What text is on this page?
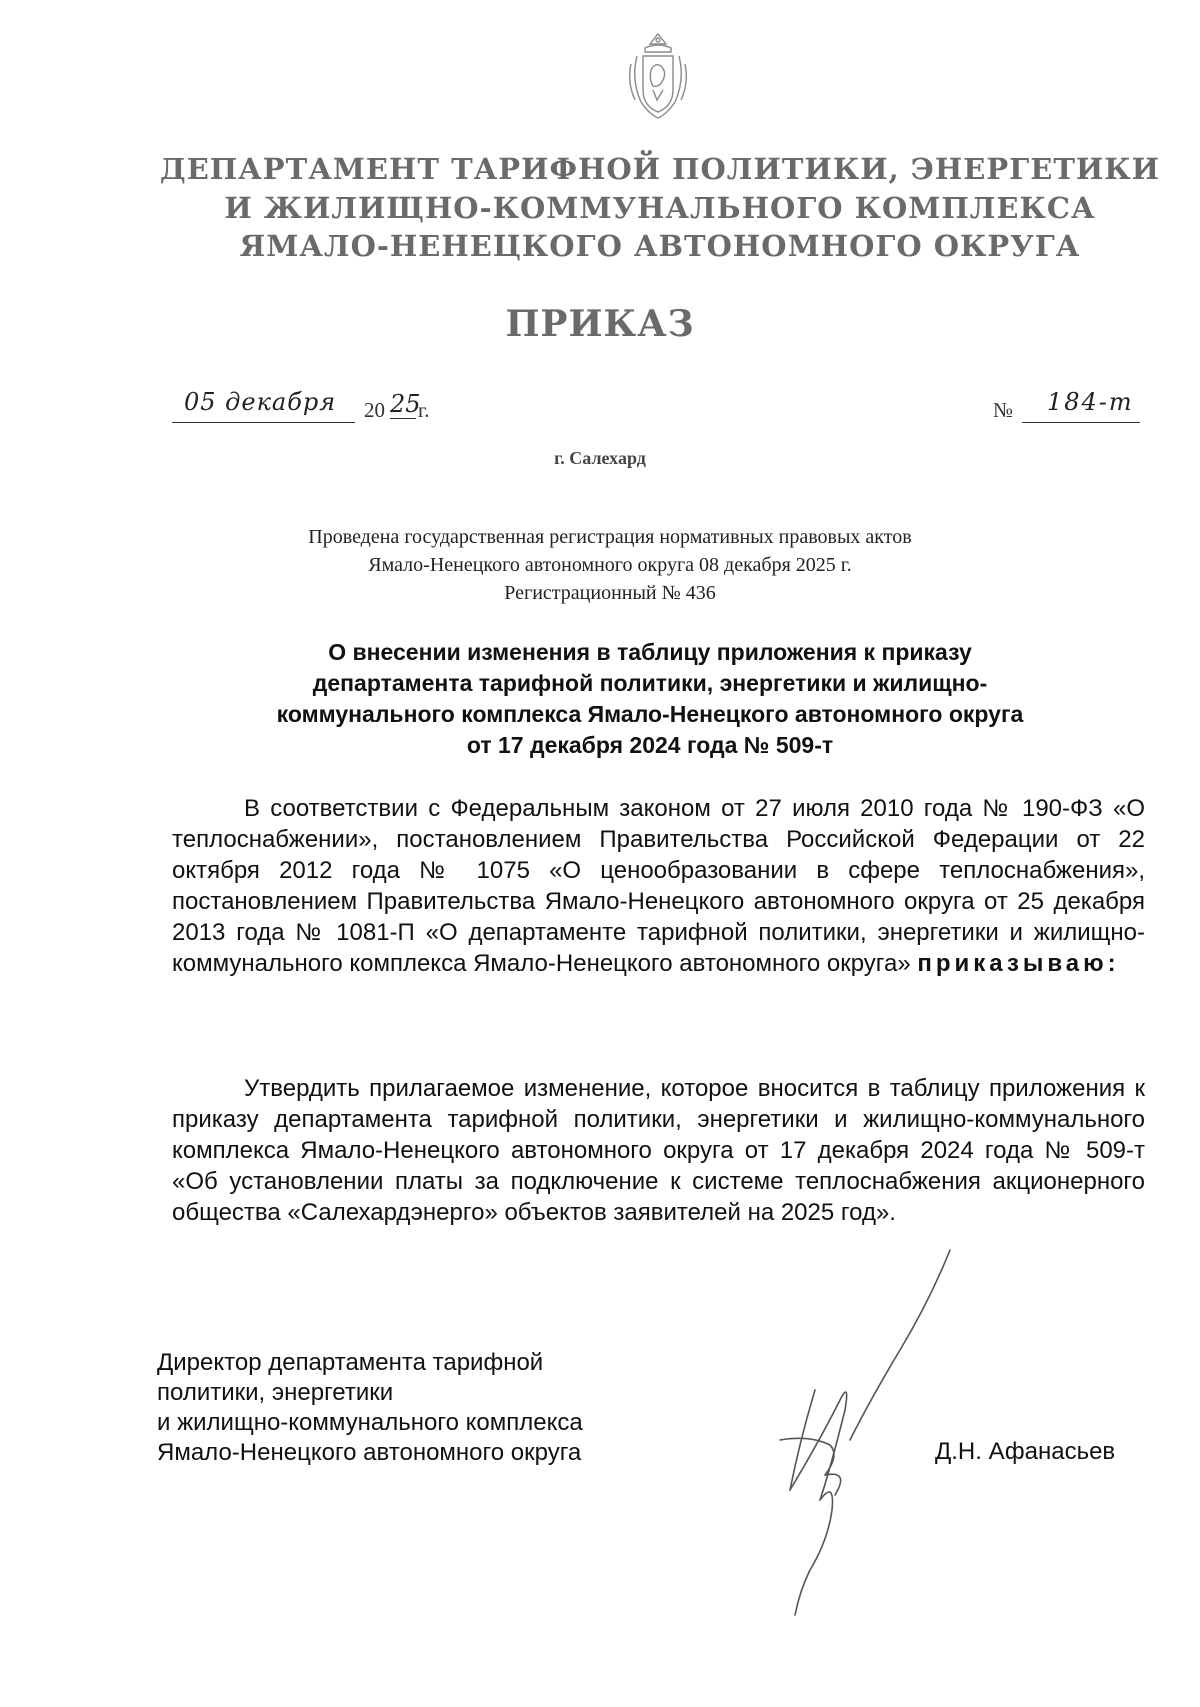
ДЕПАРТАМЕНТ ТАРИФНОЙ ПОЛИТИКИ, ЭНЕРГЕТИКИ
И ЖИЛИЩНО-КОММУНАЛЬНОГО КОМПЛЕКСА
ЯМАЛО-НЕНЕЦКОГО АВТОНОМНОГО ОКРУГА
ПРИКАЗ
05 декабря 20 25
г.	№ 184-т
г. Салехард
Проведена государственная регистрация нормативных правовых актов
Ямало-Ненецкого автономного округа 08 декабря 2025 г.
Регистрационный № 436
О внесении изменения в таблицу приложения к приказу
департамента тарифной политики, энергетики и жилищно-
коммунального комплекса Ямало-Ненецкого автономного округа
от 17 декабря 2024 года № 509-т
В соответствии с Федеральным законом от 27 июля 2010 года № 190-ФЗ «О теплоснабжении», постановлением Правительства Российской Федерации от 22 октября 2012 года № 1075 «О ценообразовании в сфере теплоснабжения», постановлением Правительства Ямало-Ненецкого автономного округа от 25 декабря 2013 года № 1081-П «О департаменте тарифной политики, энергетики и жилищно-коммунального комплекса Ямало-Ненецкого автономного округа» приказываю:
Утвердить прилагаемое изменение, которое вносится в таблицу приложения к приказу департамента тарифной политики, энергетики и жилищно-коммунального комплекса Ямало-Ненецкого автономного округа от 17 декабря 2024 года № 509-т «Об установлении платы за подключение к системе теплоснабжения акционерного общества «Салехардэнерго» объектов заявителей на 2025 год».
Директор департамента тарифной
политики, энергетики
и жилищно-коммунального комплекса
Ямало-Ненецкого автономного округа	Д.Н. Афанасьев
